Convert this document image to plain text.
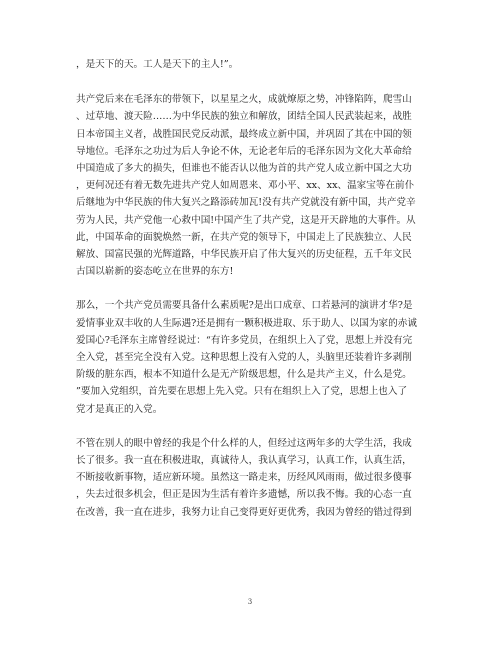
，是天下的天。工人是天下的主人!”。

共产党后来在毛泽东的带领下，以星星之火，成就燎原之势，冲锋陷阵，爬雪山
、过草地、渡天险……为中华民族的独立和解放，团结全国人民武装起来，战胜
日本帝国主义者，战胜国民党反动派，最终成立新中国，并巩固了其在中国的领
导地位。毛泽东之功过为后人争论不休，无论老年后的毛泽东因为文化大革命给
中国造成了多大的损失，但谁也不能否认以他为首的共产党人成立新中国之大功
，更何况还有着无数先进共产党人如周恩来、邓小平、xx、xx、温家宝等在前仆
后继地为中华民族的伟大复兴之路添砖加瓦!没有共产党就没有新中国，共产党辛
劳为人民，共产党他一心救中国!中国产生了共产党，这是开天辟地的大事件。从
此，中国革命的面貌焕然一新，在共产党的领导下，中国走上了民族独立、人民
解放、国富民强的光辉道路，中华民族开启了伟大复兴的历史征程，五千年文民
古国以崭新的姿态屹立在世界的东方!

那么，一个共产党员需要具备什么素质呢?是出口成章、口若悬河的演讲才华?是
爱情事业双丰收的人生际遇?还是拥有一颗积极进取、乐于助人、以国为家的赤诚
爱国心?毛泽东主席曾经说过：“有许多党员，在组织上入了党，思想上并没有完
全入党，甚至完全没有入党。这种思想上没有入党的人，头脑里还装着许多剥削
阶级的脏东西，根本不知道什么是无产阶级思想，什么是共产主义，什么是党。
”要加入党组织，首先要在思想上先入党。只有在组织上入了党，思想上也入了
党才是真正的入党。

不管在别人的眼中曾经的我是个什么样的人，但经过这两年多的大学生活，我成
长了很多。我一直在积极进取，真诚待人，我认真学习，认真工作，认真生活，
不断接收新事物，适应新环境。虽然这一路走来，历经风风雨雨，做过很多傻事
，失去过很多机会，但正是因为生活有着许多遗憾，所以我不悔。我的心态一直
在改善，我一直在进步，我努力让自己变得更好更优秀，我因为曾经的错过得到

3
